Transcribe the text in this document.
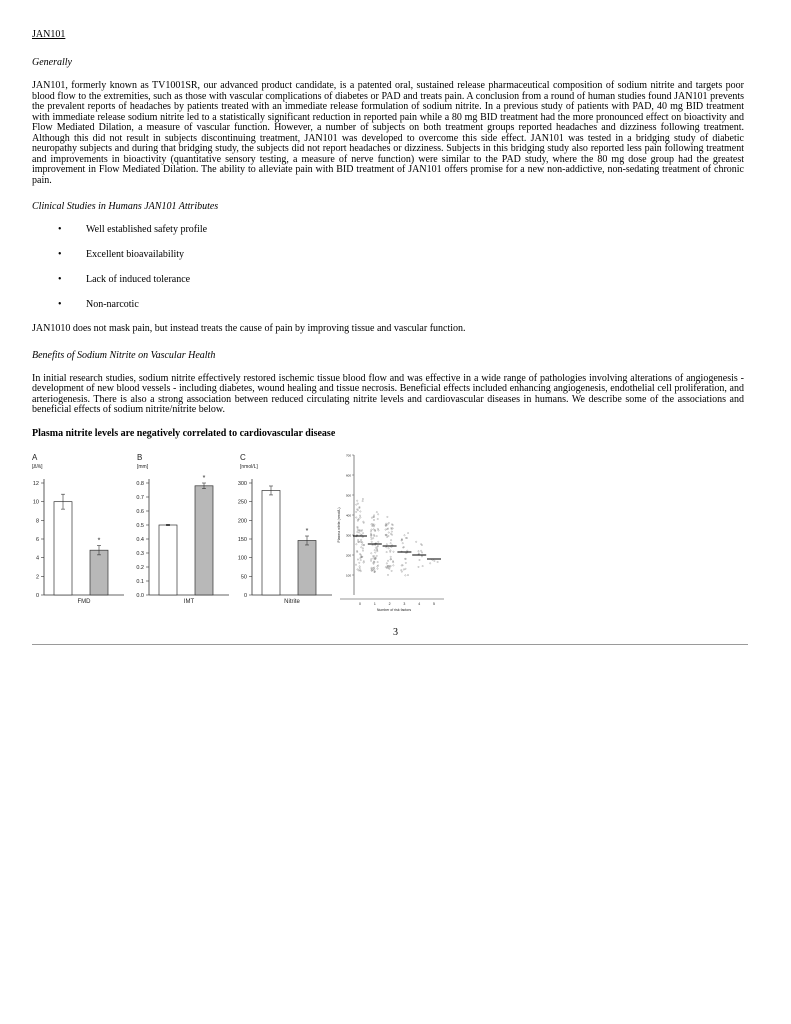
JAN101

Generally

JAN101, formerly known as TV1001SR, our advanced product candidate, is a patented oral, sustained release pharmaceutical composition of sodium nitrite and targets poor blood flow to the extremities, such as those with vascular complications of diabetes or PAD and treats pain. A conclusion from a round of human studies found JAN101 prevents the prevalent reports of headaches by patients treated with an immediate release formulation of sodium nitrite. In a previous study of patients with PAD, 40 mg BID treatment with immediate release sodium nitrite led to a statistically significant reduction in reported pain while a 80 mg BID treatment had the more pronounced effect on bioactivity and Flow Mediated Dilation, a measure of vascular function. However, a number of subjects on both treatment groups reported headaches and dizziness following treatment. Although this did not result in subjects discontinuing treatment, JAN101 was developed to overcome this side effect. JAN101 was tested in a bridging study of diabetic neuropathy subjects and during that bridging study, the subjects did not report headaches or dizziness. Subjects in this bridging study also reported less pain following treatment and improvements in bioactivity (quantitative sensory testing, a measure of nerve function) were similar to the PAD study, where the 80 mg dose group had the greatest improvement in Flow Mediated Dilation. The ability to alleviate pain with BID treatment of JAN101 offers promise for a new non-addictive, non-sedating treatment of chronic pain.

Clinical Studies in Humans JAN101 Attributes

• Well established safety profile
• Excellent bioavailability
• Lack of induced tolerance
• Non-narcotic

JAN1010 does not mask pain, but instead treats the cause of pain by improving tissue and vascular function.

Benefits of Sodium Nitrite on Vascular Health

In initial research studies, sodium nitrite effectively restored ischemic tissue blood flow and was effective in a wide range of pathologies involving alterations of angiogenesis - development of new blood vessels - including diabetes, wound healing and tissue necrosis. Beneficial effects included enhancing angiogenesis, endothelial cell proliferation, and arteriogenesis. There is also a strong association between reduced circulating nitrite levels and cardiovascular diseases in humans. We describe some of the associations and beneficial effects of sodium nitrite/nitrite below.

Plasma nitrite levels are negatively correlated to cardiovascular disease

A
[Δ%]
0
2
4
6
8
10
12
*
FMD
B
[mm]
0.0
0.1
0.2
0.3
0.4
0.5
0.6
0.7
0.8
*
IMT
C
[nmol/L]
0
50
100
150
200
250
300
*
Nitrite
100
200
300
400
500
600
700
Plasma nitrite (nmol/L)
0	1	2	3	4	5
Number of risk factors
3
